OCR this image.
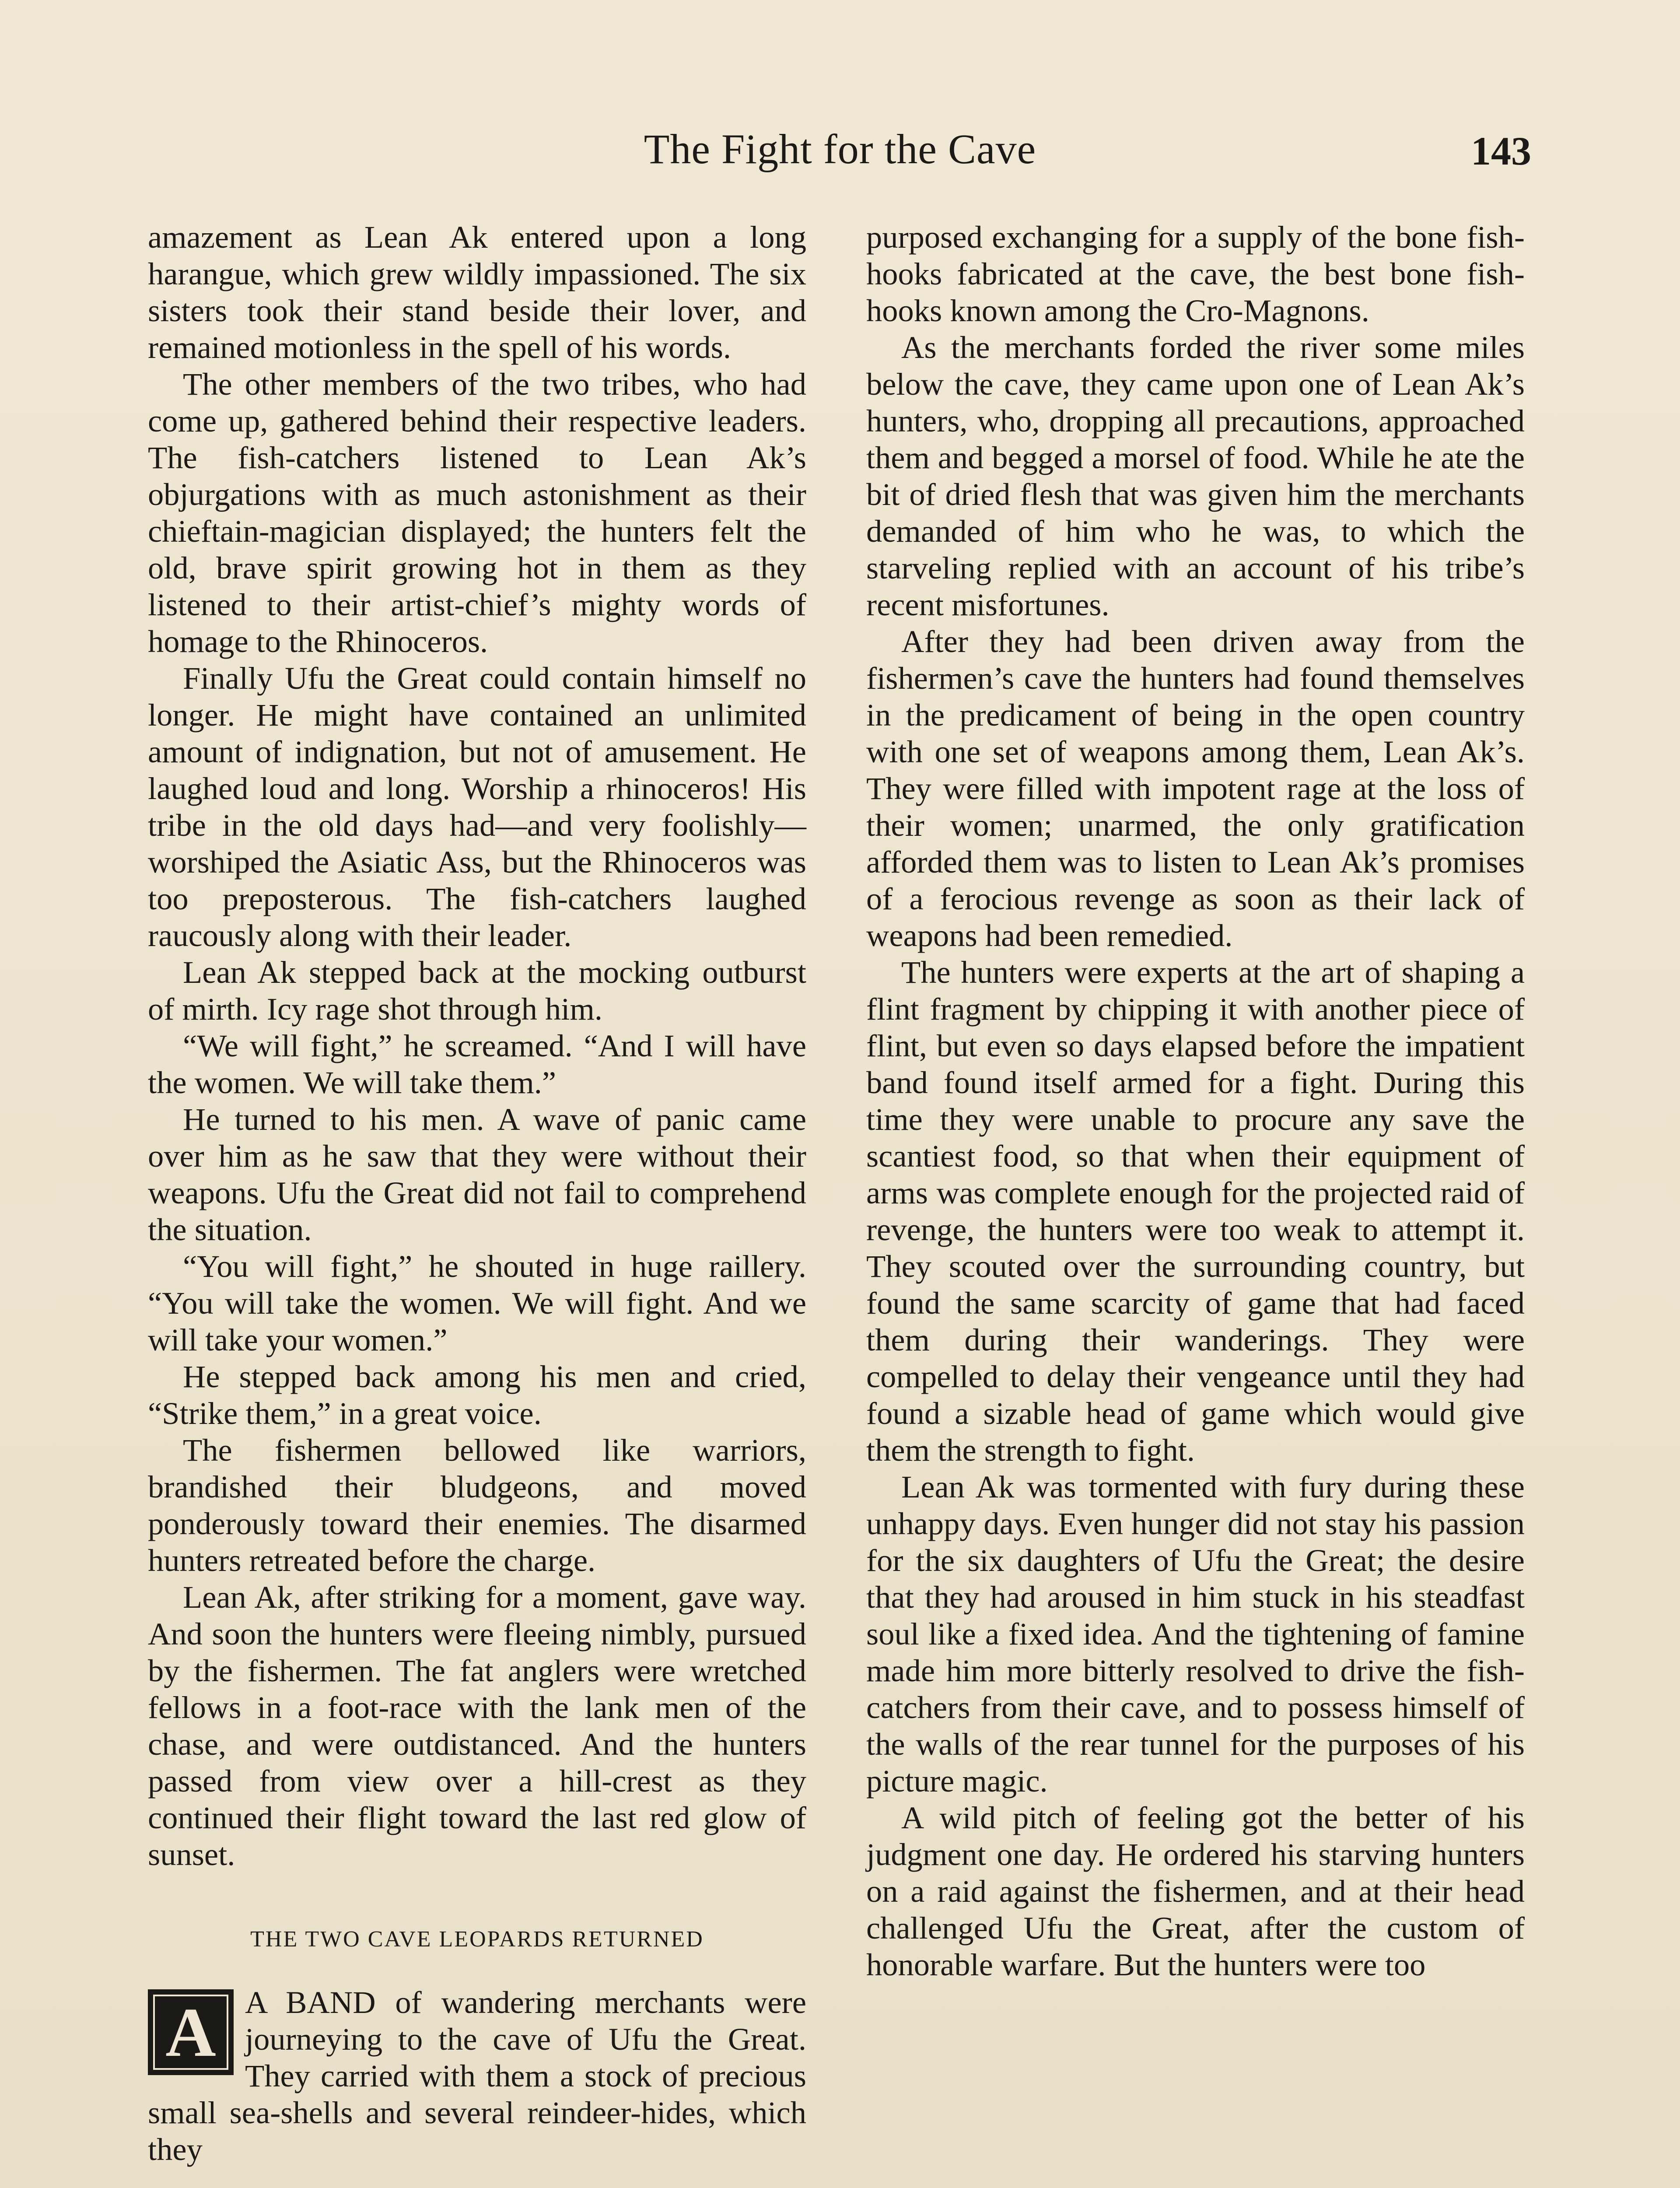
The Fight for the Cave	143

amazement as Lean Ak entered upon a long harangue, which grew wildly impassioned. The six sisters took their stand beside their lover, and remained motionless in the spell of his words.

The other members of the two tribes, who had come up, gathered behind their respective leaders. The fish-catchers listened to Lean Ak’s objurgations with as much astonishment as their chieftain-magician displayed; the hunters felt the old, brave spirit growing hot in them as they listened to their artist-chief’s mighty words of homage to the Rhinoceros.

Finally Ufu the Great could contain himself no longer. He might have contained an unlimited amount of indignation, but not of amusement. He laughed loud and long. Worship a rhinoceros! His tribe in the old days had—and very foolishly—worshiped the Asiatic Ass, but the Rhinoceros was too preposterous. The fish-catchers laughed raucously along with their leader.

Lean Ak stepped back at the mocking outburst of mirth. Icy rage shot through him.

“We will fight,” he screamed. “And I will have the women. We will take them.”

He turned to his men. A wave of panic came over him as he saw that they were without their weapons. Ufu the Great did not fail to comprehend the situation.

“You will fight,” he shouted in huge raillery. “You will take the women. We will fight. And we will take your women.”

He stepped back among his men and cried, “Strike them,” in a great voice.

The fishermen bellowed like warriors, brandished their bludgeons, and moved ponderously toward their enemies. The disarmed hunters retreated before the charge.

Lean Ak, after striking for a moment, gave way. And soon the hunters were fleeing nimbly, pursued by the fishermen. The fat anglers were wretched fellows in a foot-race with the lank men of the chase, and were outdistanced. And the hunters passed from view over a hill-crest as they continued their flight toward the last red glow of sunset.

THE TWO CAVE LEOPARDS RETURNED

A A BAND of wandering merchants were journeying to the cave of Ufu the Great. They carried with them a stock of precious small sea-shells and several reindeer-hides, which they

purposed exchanging for a supply of the bone fish-hooks fabricated at the cave, the best bone fish-hooks known among the Cro-Magnons.

As the merchants forded the river some miles below the cave, they came upon one of Lean Ak’s hunters, who, dropping all precautions, approached them and begged a morsel of food. While he ate the bit of dried flesh that was given him the merchants demanded of him who he was, to which the starveling replied with an account of his tribe’s recent misfortunes.

After they had been driven away from the fishermen’s cave the hunters had found themselves in the predicament of being in the open country with one set of weapons among them, Lean Ak’s. They were filled with impotent rage at the loss of their women; unarmed, the only gratification afforded them was to listen to Lean Ak’s promises of a ferocious revenge as soon as their lack of weapons had been remedied.

The hunters were experts at the art of shaping a flint fragment by chipping it with another piece of flint, but even so days elapsed before the impatient band found itself armed for a fight. During this time they were unable to procure any save the scantiest food, so that when their equipment of arms was complete enough for the projected raid of revenge, the hunters were too weak to attempt it. They scouted over the surrounding country, but found the same scarcity of game that had faced them during their wanderings. They were compelled to delay their vengeance until they had found a sizable head of game which would give them the strength to fight.

Lean Ak was tormented with fury during these unhappy days. Even hunger did not stay his passion for the six daughters of Ufu the Great; the desire that they had aroused in him stuck in his steadfast soul like a fixed idea. And the tightening of famine made him more bitterly resolved to drive the fish-catchers from their cave, and to possess himself of the walls of the rear tunnel for the purposes of his picture magic.

A wild pitch of feeling got the better of his judgment one day. He ordered his starving hunters on a raid against the fishermen, and at their head challenged Ufu the Great, after the custom of honorable warfare. But the hunters were too
